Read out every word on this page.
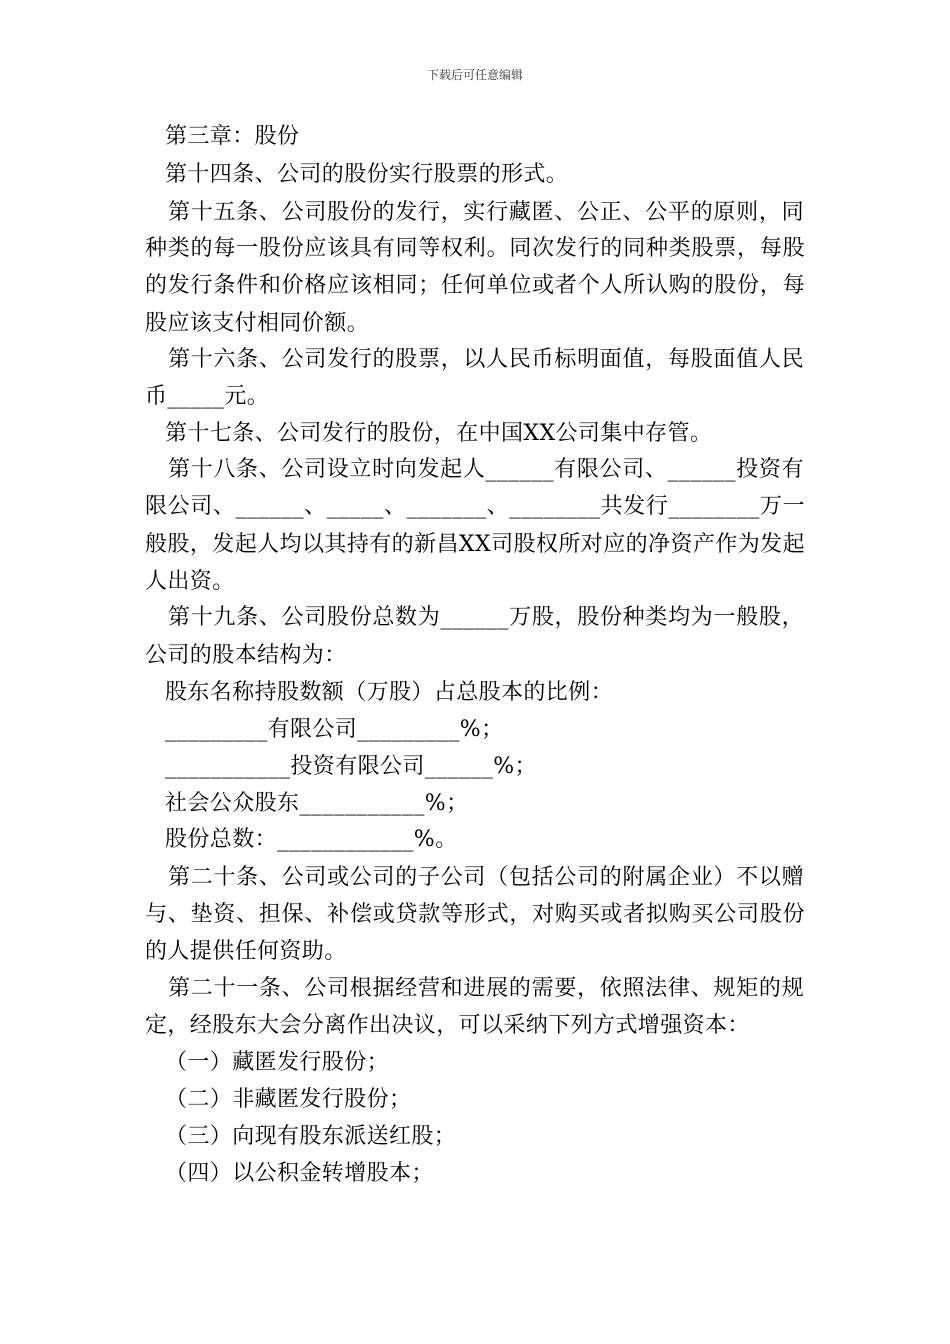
下载后可任意编辑
第三章：股份
第十四条、公司的股份实行股票的形式。
第十五条、公司股份的发行，实行藏匿、公正、公平的原则，同
种类的每一股份应该具有同等权利。同次发行的同种类股票，每股
的发行条件和价格应该相同；任何单位或者个人所认购的股份，每
股应该支付相同价额。
第十六条、公司发行的股票，以人民币标明面值，每股面值人民
币_____元。
第十七条、公司发行的股份，在中国XX公司集中存管。
第十八条、公司设立时向发起人______有限公司、______投资有
限公司、______、_____、_______、________共发行________万一
般股，发起人均以其持有的新昌XX司股权所对应的净资产作为发起
人出资。
第十九条、公司股份总数为______万股，股份种类均为一般股，
公司的股本结构为：
股东名称持股数额（万股）占总股本的比例：
_________有限公司_________%；
___________投资有限公司______%；
社会公众股东___________%；
股份总数：____________%。
第二十条、公司或公司的子公司（包括公司的附属企业）不以赠
与、垫资、担保、补偿或贷款等形式，对购买或者拟购买公司股份
的人提供任何资助。
第二十一条、公司根据经营和进展的需要，依照法律、规矩的规
定，经股东大会分离作出决议，可以采纳下列方式增强资本：
（一）藏匿发行股份；
（二）非藏匿发行股份；
（三）向现有股东派送红股；
（四）以公积金转增股本；
